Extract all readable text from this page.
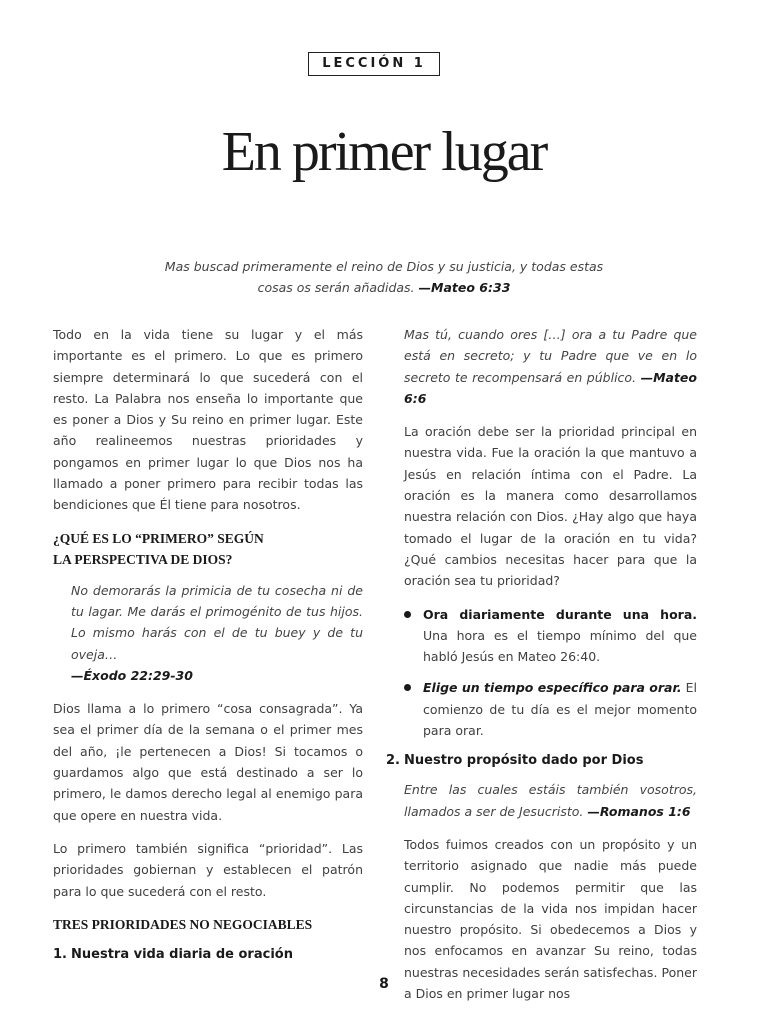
LECCIÓN 1
En primer lugar
Mas buscad primeramente el reino de Dios y su justicia, y todas estas cosas os serán añadidas. —Mateo 6:33

Todo en la vida tiene su lugar y el más importante es el primero. Lo que es primero siempre determinará lo que sucederá con el resto. La Palabra nos enseña lo importante que es poner a Dios y Su reino en primer lugar. Este año realineemos nuestras prioridades y pongamos en primer lugar lo que Dios nos ha llamado a poner primero para recibir todas las bendiciones que Él tiene para nosotros.

¿QUÉ ES LO “PRIMERO” SEGÚN
LA PERSPECTIVA DE DIOS?

No demorarás la primicia de tu cosecha ni de tu lagar. Me darás el primogénito de tus hijos. Lo mismo harás con el de tu buey y de tu oveja…
—Éxodo 22:29-30

Dios llama a lo primero “cosa consagrada”. Ya sea el primer día de la semana o el primer mes del año, ¡le pertenecen a Dios! Si tocamos o guardamos algo que está destinado a ser lo primero, le damos derecho legal al enemigo para que opere en nuestra vida.

Lo primero también significa “prioridad”. Las prioridades gobiernan y establecen el patrón para lo que sucederá con el resto.

TRES PRIORIDADES NO NEGOCIABLES
1. Nuestra vida diaria de oración

Mas tú, cuando ores […] ora a tu Padre que está en secreto; y tu Padre que ve en lo secreto te recompensará en público. —Mateo 6:6

La oración debe ser la prioridad principal en nuestra vida. Fue la oración la que mantuvo a Jesús en relación íntima con el Padre. La oración es la manera como desarrollamos nuestra relación con Dios. ¿Hay algo que haya tomado el lugar de la oración en tu vida? ¿Qué cambios necesitas hacer para que la oración sea tu prioridad?

Ora diariamente durante una hora. Una hora es el tiempo mínimo del que habló Jesús en Mateo 26:40.
Elige un tiempo específico para orar. El comienzo de tu día es el mejor momento para orar.
2. Nuestro propósito dado por Dios

Entre las cuales estáis también vosotros, llamados a ser de Jesucristo. —Romanos 1:6

Todos fuimos creados con un propósito y un territorio asignado que nadie más puede cumplir. No podemos permitir que las circunstancias de la vida nos impidan hacer nuestro propósito. Si obedecemos a Dios y nos enfocamos en avanzar Su reino, todas nuestras necesidades serán satisfechas. Poner a Dios en primer lugar nos

8
